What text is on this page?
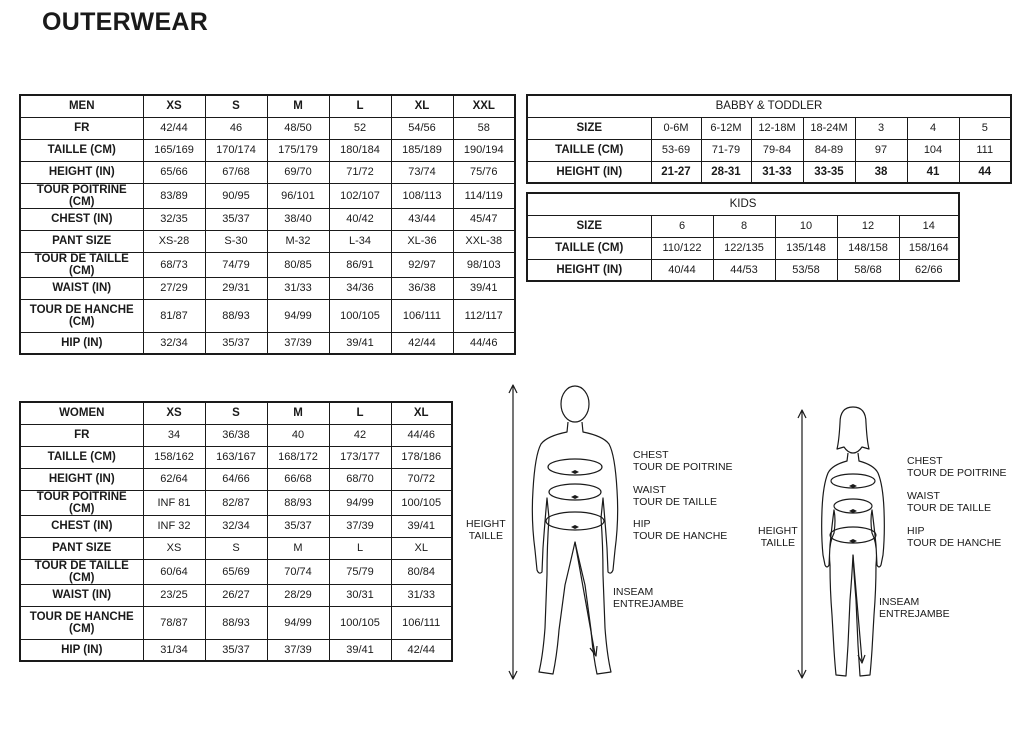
OUTERWEAR
MEN	XS	S	M	L	XL	XXL
FR	42/44	46	48/50	52	54/56	58
TAILLE (CM)	165/169	170/174	175/179	180/184	185/189	190/194
HEIGHT (IN)	65/66	67/68	69/70	71/72	73/74	75/76
TOUR POITRINE (CM)	83/89	90/95	96/101	102/107	108/113	114/119
CHEST (IN)	32/35	35/37	38/40	40/42	43/44	45/47
PANT SIZE	XS-28	S-30	M-32	L-34	XL-36	XXL-38
TOUR DE TAILLE (CM)	68/73	74/79	80/85	86/91	92/97	98/103
WAIST (IN)	27/29	29/31	31/33	34/36	36/38	39/41
TOUR DE HANCHE (CM)	81/87	88/93	94/99	100/105	106/111	112/117
HIP (IN)	32/34	35/37	37/39	39/41	42/44	44/46
WOMEN	XS	S	M	L	XL
FR	34	36/38	40	42	44/46
TAILLE (CM)	158/162	163/167	168/172	173/177	178/186
HEIGHT (IN)	62/64	64/66	66/68	68/70	70/72
TOUR POITRINE (CM)	INF 81	82/87	88/93	94/99	100/105
CHEST (IN)	INF 32	32/34	35/37	37/39	39/41
PANT SIZE	XS	S	M	L	XL
TOUR DE TAILLE (CM)	60/64	65/69	70/74	75/79	80/84
WAIST (IN)	23/25	26/27	28/29	30/31	31/33
TOUR DE HANCHE (CM)	78/87	88/93	94/99	100/105	106/111
HIP (IN)	31/34	35/37	37/39	39/41	42/44
BABBY & TODDLER							
SIZE	0-6M	6-12M	12-18M	18-24M	3	4	5
TAILLE (CM)	53-69	71-79	79-84	84-89	97	104	111
HEIGHT (IN)	21-27	28-31	31-33	33-35	38	41	44
KIDS					
SIZE	6	8	10	12	14
TAILLE (CM)	110/122	122/135	135/148	148/158	158/164
HEIGHT (IN)	40/44	44/53	53/58	58/68	62/66
HEIGHT
TAILLE
CHEST
TOUR DE POITRINE
WAIST
TOUR DE TAILLE
HIP
TOUR DE HANCHE
INSEAM
ENTREJAMBE
HEIGHT
TAILLE
CHEST
TOUR DE POITRINE
WAIST
TOUR DE TAILLE
HIP
TOUR DE HANCHE
INSEAM
ENTREJAMBE
